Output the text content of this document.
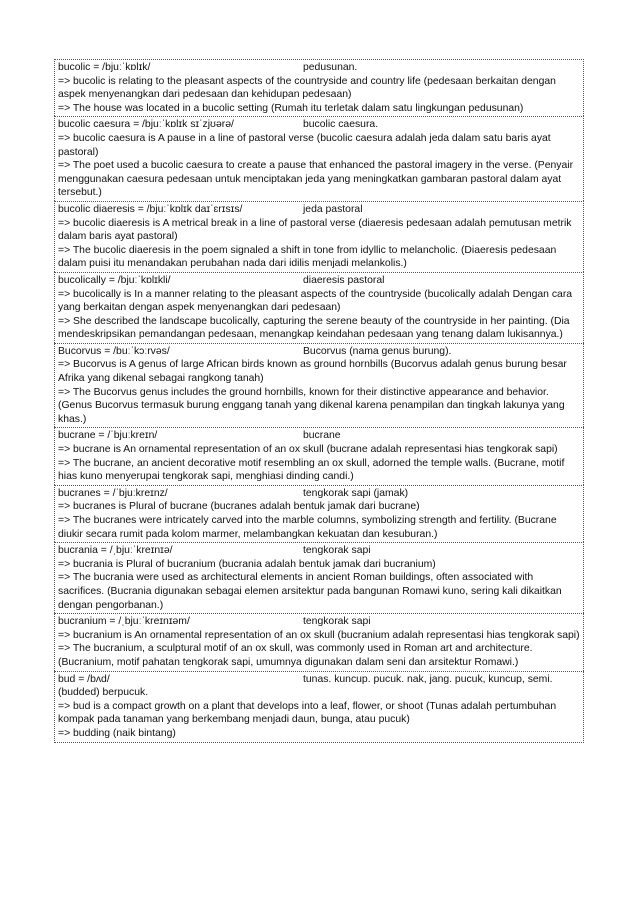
bucolic = /bjuːˈkɒlɪk/	pedusunan.
=> bucolic is relating to the pleasant aspects of the countryside and country life (pedesaan berkaitan dengan aspek menyenangkan dari pedesaan dan kehidupan pedesaan)
=> The house was located in a bucolic setting (Rumah itu terletak dalam satu lingkungan pedusunan)
bucolic caesura = /bjuːˈkɒlɪk sɪˈzjʊərə/	bucolic caesura.
=> bucolic caesura is A pause in a line of pastoral verse (bucolic caesura adalah jeda dalam satu baris ayat pastoral)
=> The poet used a bucolic caesura to create a pause that enhanced the pastoral imagery in the verse. (Penyair menggunakan caesura pedesaan untuk menciptakan jeda yang meningkatkan gambaran pastoral dalam ayat tersebut.)
bucolic diaeresis = /bjuːˈkɒlɪk daɪˈɛrɪsɪs/	jeda pastoral
=> bucolic diaeresis is A metrical break in a line of pastoral verse (diaeresis pedesaan adalah pemutusan metrik dalam baris ayat pastoral)
=> The bucolic diaeresis in the poem signaled a shift in tone from idyllic to melancholic. (Diaeresis pedesaan dalam puisi itu menandakan perubahan nada dari idilis menjadi melankolis.)
bucolically = /bjuːˈkɒlɪkli/	diaeresis pastoral
=> bucolically is In a manner relating to the pleasant aspects of the countryside (bucolically adalah Dengan cara yang berkaitan dengan aspek menyenangkan dari pedesaan)
=> She described the landscape bucolically, capturing the serene beauty of the countryside in her painting. (Dia mendeskripsikan pemandangan pedesaan, menangkap keindahan pedesaan yang tenang dalam lukisannya.)
Bucorvus = /buːˈkɔːrvəs/	Bucorvus (nama genus burung).
=> Bucorvus is A genus of large African birds known as ground hornbills (Bucorvus adalah genus burung besar Afrika yang dikenal sebagai rangkong tanah)
=> The Bucorvus genus includes the ground hornbills, known for their distinctive appearance and behavior. (Genus Bucorvus termasuk burung enggang tanah yang dikenal karena penampilan dan tingkah lakunya yang khas.)
bucrane = /ˈbjuːkreɪn/	bucrane
=> bucrane is An ornamental representation of an ox skull (bucrane adalah representasi hias tengkorak sapi)
=> The bucrane, an ancient decorative motif resembling an ox skull, adorned the temple walls. (Bucrane, motif hias kuno menyerupai tengkorak sapi, menghiasi dinding candi.)
bucranes = /ˈbjuːkreɪnz/	tengkorak sapi (jamak)
=> bucranes is Plural of bucrane (bucranes adalah bentuk jamak dari bucrane)
=> The bucranes were intricately carved into the marble columns, symbolizing strength and fertility. (Bucrane diukir secara rumit pada kolom marmer, melambangkan kekuatan dan kesuburan.)
bucrania = /ˌbjuːˈkreɪnɪə/	tengkorak sapi
=> bucrania is Plural of bucranium (bucrania adalah bentuk jamak dari bucranium)
=> The bucrania were used as architectural elements in ancient Roman buildings, often associated with sacrifices. (Bucrania digunakan sebagai elemen arsitektur pada bangunan Romawi kuno, sering kali dikaitkan dengan pengorbanan.)
bucranium = /ˌbjuːˈkreɪnɪəm/	tengkorak sapi
=> bucranium is An ornamental representation of an ox skull (bucranium adalah representasi hias tengkorak sapi)
=> The bucranium, a sculptural motif of an ox skull, was commonly used in Roman art and architecture. (Bucranium, motif pahatan tengkorak sapi, umumnya digunakan dalam seni dan arsitektur Romawi.)
bud = /bʌd/	tunas. kuncup. pucuk. nak, jang. pucuk, kuncup, semi. (budded) berpucuk.
=> bud is a compact growth on a plant that develops into a leaf, flower, or shoot (Tunas adalah pertumbuhan kompak pada tanaman yang berkembang menjadi daun, bunga, atau pucuk)
=> budding (naik bintang)
